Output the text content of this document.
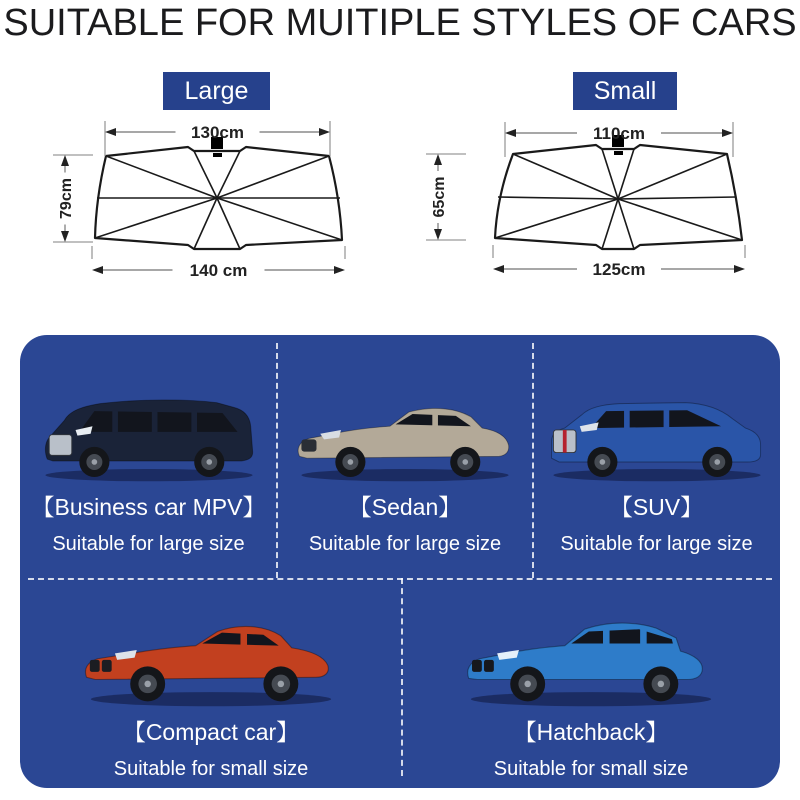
SUITABLE FOR MUITIPLE STYLES OF CARS
Large	Small
130cm
140 cm
79cm
110cm
125cm
65cm
【Business car MPV】
Suitable for large size
【Sedan】
Suitable for large size
【SUV】
Suitable for large size
【Compact car】
Suitable for small size
【Hatchback】
Suitable for small size
